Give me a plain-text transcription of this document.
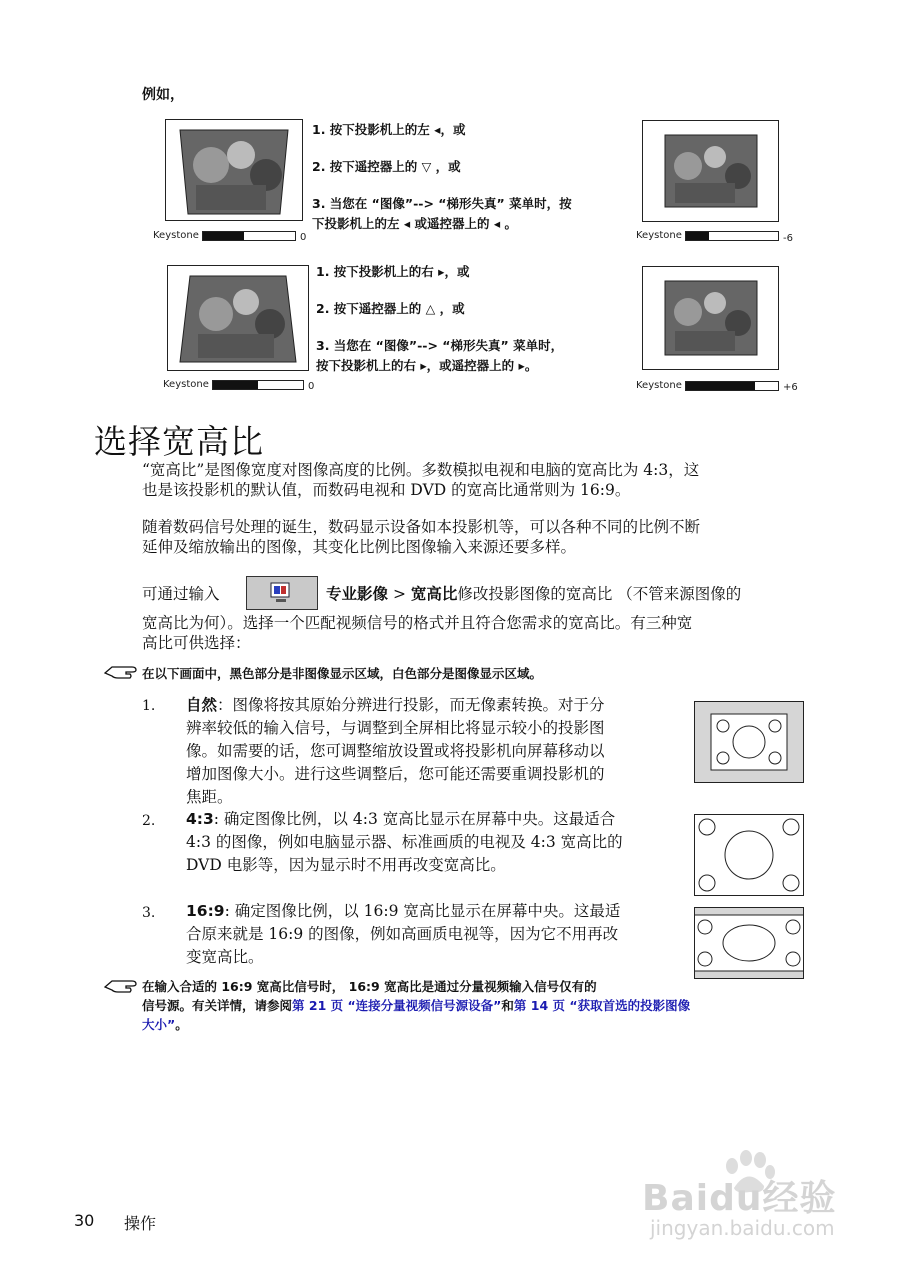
例如，
Keystone	0
1. 按下投影机上的左 ◂，或
2. 按下遥控器上的 ▽ ，或
3. 当您在 “图像”--> “梯形失真” 菜单时，按
下投影机上的左 ◂ 或遥控器上的 ◂ 。
Keystone	-6
Keystone	0
1. 按下投影机上的右 ▸，或
2. 按下遥控器上的 △ ，或
3. 当您在 “图像”--> “梯形失真” 菜单时，
按下投影机上的右 ▸，或遥控器上的 ▸。
Keystone	+6
选择宽高比
“宽高比”是图像宽度对图像高度的比例。多数模拟电视和电脑的宽高比为 4:3，这
也是该投影机的默认值，而数码电视和 DVD 的宽高比通常则为 16:9。
随着数码信号处理的诞生，数码显示设备如本投影机等，可以各种不同的比例不断
延伸及缩放输出的图像，其变化比例比图像输入来源还要多样。
可通过输入	专业影像 > 宽高比修改投影图像的宽高比 （不管来源图像的
宽高比为何）。选择一个匹配视频信号的格式并且符合您需求的宽高比。有三种宽
高比可供选择：
在以下画面中，黑色部分是非图像显示区域，白色部分是图像显示区域。
1. 自然：图像将按其原始分辨进行投影，而无像素转换。对于分
辨率较低的输入信号，与调整到全屏相比将显示较小的投影图
像。如需要的话，您可调整缩放设置或将投影机向屏幕移动以
增加图像大小。进行这些调整后，您可能还需要重调投影机的
焦距。
2. 4:3: 确定图像比例，以 4:3 宽高比显示在屏幕中央。这最适合
4:3 的图像，例如电脑显示器、标准画质的电视及 4:3 宽高比的
DVD 电影等，因为显示时不用再改变宽高比。
3. 16:9: 确定图像比例，以 16:9 宽高比显示在屏幕中央。这最适
合原来就是 16:9 的图像，例如高画质电视等，因为它不用再改
变宽高比。
在输入合适的 16:9 宽高比信号时， 16:9 宽高比是通过分量视频输入信号仅有的
信号源。有关详情，请参阅第 21 页 “连接分量视频信号源设备”和第 14 页 “获取首选的投影图像
大小”。
30 操作
Baidu经验
jingyan.baidu.com
